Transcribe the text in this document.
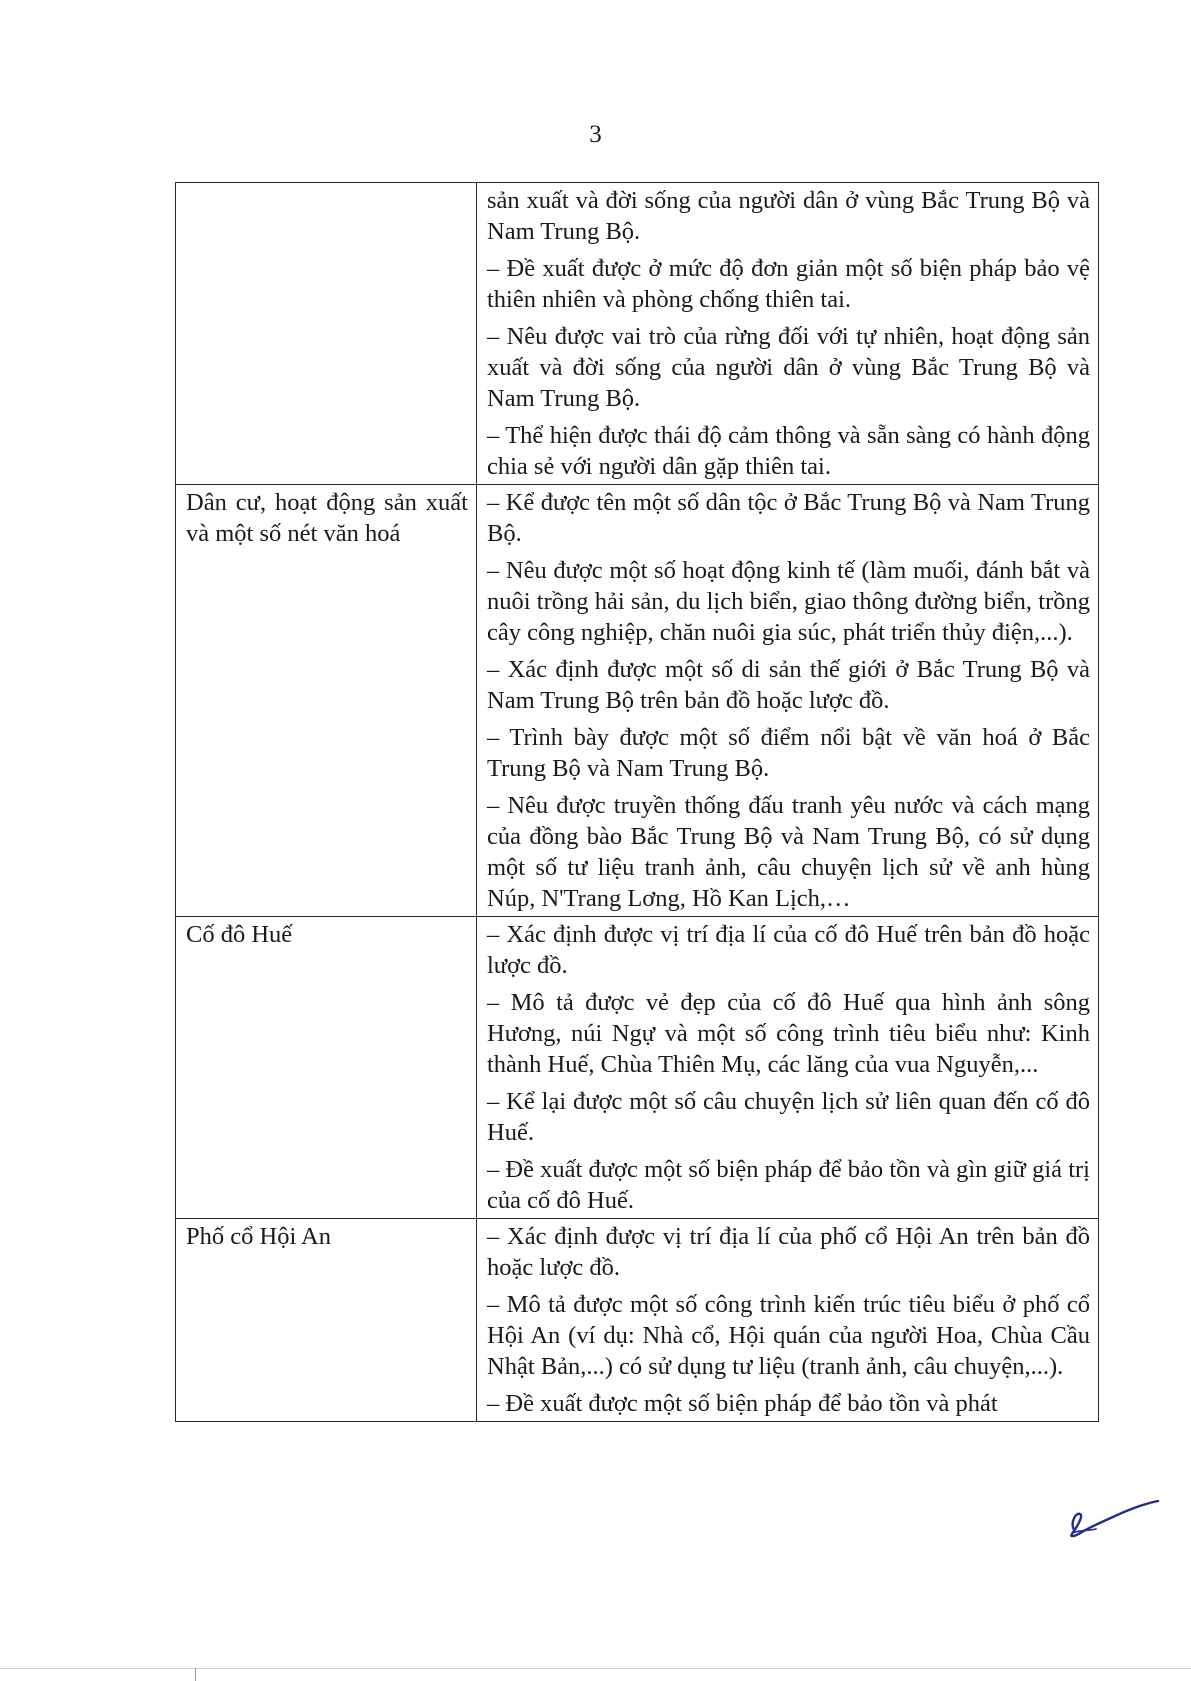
3

	sản xuất và đời sống của người dân ở vùng Bắc Trung Bộ và Nam Trung Bộ.

– Đề xuất được ở mức độ đơn giản một số biện pháp bảo vệ thiên nhiên và phòng chống thiên tai.

– Nêu được vai trò của rừng đối với tự nhiên, hoạt động sản xuất và đời sống của người dân ở vùng Bắc Trung Bộ và Nam Trung Bộ.

– Thể hiện được thái độ cảm thông và sẵn sàng có hành động chia sẻ với người dân gặp thiên tai.

Dân cư, hoạt động sản xuất và một số nét văn hoá	– Kể được tên một số dân tộc ở Bắc Trung Bộ và Nam Trung Bộ.

– Nêu được một số hoạt động kinh tế (làm muối, đánh bắt và nuôi trồng hải sản, du lịch biển, giao thông đường biển, trồng cây công nghiệp, chăn nuôi gia súc, phát triển thủy điện,...).

– Xác định được một số di sản thế giới ở Bắc Trung Bộ và Nam Trung Bộ trên bản đồ hoặc lược đồ.

– Trình bày được một số điểm nổi bật về văn hoá ở Bắc Trung Bộ và Nam Trung Bộ.

– Nêu được truyền thống đấu tranh yêu nước và cách mạng của đồng bào Bắc Trung Bộ và Nam Trung Bộ, có sử dụng một số tư liệu tranh ảnh, câu chuyện lịch sử về anh hùng Núp, N'Trang Lơng, Hồ Kan Lịch,…

Cố đô Huế	– Xác định được vị trí địa lí của cố đô Huế trên bản đồ hoặc lược đồ.

– Mô tả được vẻ đẹp của cố đô Huế qua hình ảnh sông Hương, núi Ngự và một số công trình tiêu biểu như: Kinh thành Huế, Chùa Thiên Mụ, các lăng của vua Nguyễn,...

– Kể lại được một số câu chuyện lịch sử liên quan đến cố đô Huế.

– Đề xuất được một số biện pháp để bảo tồn và gìn giữ giá trị của cố đô Huế.

Phố cổ Hội An	– Xác định được vị trí địa lí của phố cổ Hội An trên bản đồ hoặc lược đồ.

– Mô tả được một số công trình kiến trúc tiêu biểu ở phố cổ Hội An (ví dụ: Nhà cổ, Hội quán của người Hoa, Chùa Cầu Nhật Bản,...) có sử dụng tư liệu (tranh ảnh, câu chuyện,...).

– Đề xuất được một số biện pháp để bảo tồn và phát
